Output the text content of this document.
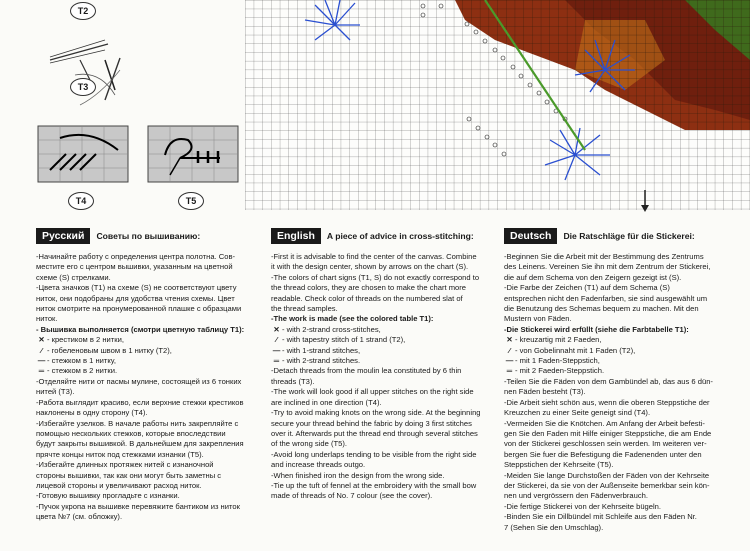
T2
T3
T4	T5
Русский	Советы по вышиванию:

-Начинайте работу с определения центра полотна. Сов-

местите его с центром вышивки, указанным на цветной

схеме (S) стрелками.

-Цвета значков (T1) на схеме (S) не соответствуют цвету

ниток, они подобраны для удобства чтения схемы. Цвет

ниток смотрите на пронумерованной плашке с образцами

ниток.

- Вышивка выполняется (смотри цветную таблицу T1):

✕ - крестиком в 2 нитки,

⁄ - гобеленовым швом в 1 нитку (T2),

— - стежком в 1 нитку,

═ - стежком в 2 нитки.

-Отделяйте нити от пасмы мулине, состоящей из 6 тонких

нитей (T3).

-Работа выглядит красиво, если верхние стежки крестиков

наклонены в одну сторону (T4).

-Избегайте узелков. В начале работы нить закрепляйте с

помощью нескольких стежков, которые впоследствии

будут закрыты вышивкой. В дальнейшем для закрепления

прячте концы ниток под стежками изнанки (T5).

-Избегайте длинных протяжек нитей с изнаночной

стороны вышивки, так как они могут быть заметны с

лицевой стороны и увеличивают расход ниток.

-Готовую вышивку прогладьте с изнанки.

-Пучок укропа на вышивке перевяжите бантиком из ниток

цвета №7 (см. обложку).

English	A piece of advice in cross-stitching:

-First it is advisable to find the center of the canvas. Combine

it with the design center, shown by arrows on the chart (S).

-The colors of chart signs (T1, S) do not exactly correspond to

the thread colors, they are chosen to make the chart more

readable. Check color of threads on the numbered slat of

the thread samples.

-The work is made (see the colored table T1):

✕ - with 2-strand cross-stitches,

⁄ - with tapestry stitch of 1 strand (T2),

— - with 1-strand stitches,

═ - with 2-strand stitches.

-Detach threads from the moulin lea constituted by 6 thin

threads (T3).

-The work will look good if all upper stitches on the right side

are inclined in one direction (T4).

-Try to avoid making knots on the wrong side. At the beginning

secure your thread behind the fabric by doing 3 first stitches

over it. Afterwards put the thread end through several stitches

of the wrong side (T5).

-Avoid long underlaps tending to be visible from the right side

and increase threads outgo.

-When finished iron the design from the wrong side.

-Tie up the tuft of fennel at the embroidery with the small bow

made of threads of No. 7 colour (see the cover).

Deutsch	Die Ratschläge für die Stickerei:

-Beginnen Sie die Arbeit mit der Bestimmung des Zentrums

des Leinens. Vereinen Sie ihn mit dem Zentrum der Stickerei,

die auf dem Schema von den Zeigern gezeigt ist (S).

-Die Farbe der Zeichen (T1) auf dem Schema (S)

entsprechen nicht den Fadenfarben, sie sind ausgewählt um

die Benutzung des Schemas bequem zu machen. Mit den

Mustern von Fäden.

-Die Stickerei wird erfüllt (siehe die Farbtabelle T1):

✕ - kreuzartig mit 2 Faeden,

⁄ - von Gobelinnaht mit 1 Faden (T2),

— - mit 1 Faden-Steppstich,

═ - mit 2 Faeden-Steppstich.

-Teilen Sie die Fäden von dem Gambündel ab, das aus 6 dün-

nen Fäden besteht (T3).

-Die Arbeit sieht schön aus, wenn die oberen Steppstiche der

Kreuzchen zu einer Seite geneigt sind (T4).

-Vermeiden Sie die Knötchen. Am Anfang der Arbeit befesti-

gen Sie den Faden mit Hilfe einiger Steppstiche, die am Ende

von der Stickerei geschlossen sein werden. Im weiteren ver-

bergen Sie fuer die Befestigung die Fadenenden unter den

Steppstichen der Kehrseite (T5).

-Meiden Sie lange Durchstoßen der Fäden von der Kehrseite

der Stickerei, da sie von der Außenseite bemerkbar sein kön-

nen und vergrössern den Fädenverbrauch.

-Die fertige Stickerei von der Kehrseite bügeln.

-Binden Sie ein Dillbündel mit Schleife aus den Fäden Nr.

7 (Sehen Sie den Umschlag).
